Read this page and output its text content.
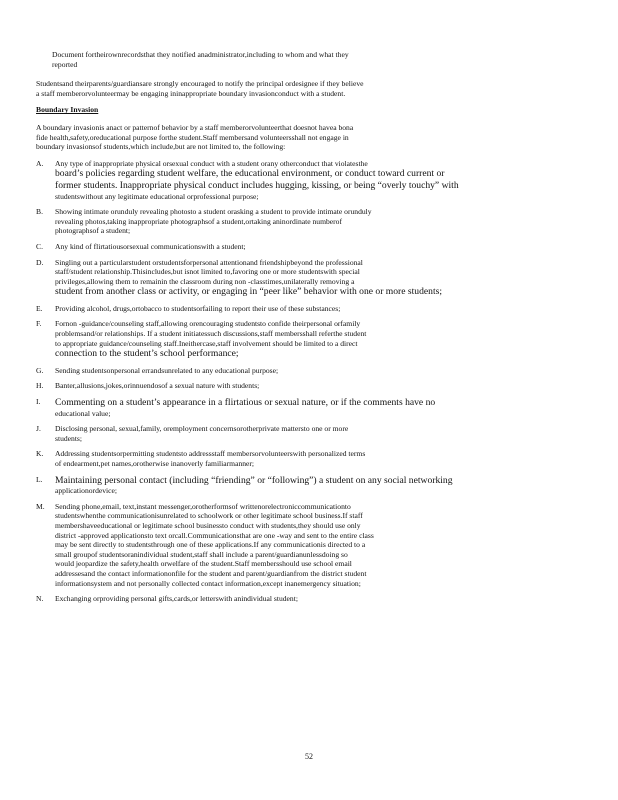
Document fortheirownrecordsthat they notified anadministrator,including to whom and what they
reported
Studentsand theirparents/guardiansare strongly encouraged to notify the principal ordesignee if they believe
a staff memberorvolunteermay be engaging ininappropriate boundary invasionconduct with a student.
Boundary Invasion
A boundary invasionis anact or patternof behavior by a staff memberorvolunteerthat doesnot havea bona
fide health,safety,oreducational purpose forthe student.Staff membersand volunteersshall not engage in
boundary invasionsof students,which include,but are not limited to, the following:
A.	Any type of inappropriate physical orsexual conduct with a student orany otherconduct that violatesthe
board’s policies regarding student welfare, the educational environment, or conduct toward current or
former students. Inappropriate physical conduct includes hugging, kissing, or being “overly touchy” with
studentswithout any legitimate educational orprofessional purpose;
B.	Showing intimate orunduly revealing photosto a student orasking a student to provide intimate orunduly
revealing photos,taking inappropriate photographsof a student,ortaking aninordinate numberof
photographsof a student;
C.	Any kind of flirtatiousorsexual communicationswith a student;
D.	Singling out a particularstudent orstudentsforpersonal attentionand friendshipbeyond the professional
staff/student relationship.Thisincludes,but isnot limited to,favoring one or more studentswith special
privileges,allowing them to remainin the classroom during non -classtimes,unilaterally removing a
student from another class or activity, or engaging in “peer like” behavior with one or more students;
E.	Providing alcohol, drugs,ortobacco to studentsorfailing to report their use of these substances;
F.	Fornon -guidance/counseling staff,allowing orencouraging studentsto confide theirpersonal orfamily
problemsand/or relationships. If a student initiatessuch discussions,staff membersshall referthe student
to appropriate guidance/counseling staff.Ineithercase,staff involvement should be limited to a direct
connection to the student’s school performance;
G.	Sending studentsonpersonal errandsunrelated to any educational purpose;
H.	Banter,allusions,jokes,orinnuendosof a sexual nature with students;
I.	Commenting on a student’s appearance in a flirtatious or sexual nature, or if the comments have no
educational value;
J.	Disclosing personal, sexual,family, oremployment concernsorotherprivate mattersto one or more
students;
K.	Addressing studentsorpermitting studentsto addressstaff membersorvolunteerswith personalized terms
of endearment,pet names,orotherwise inanoverly familiarmanner;
L.	Maintaining personal contact (including “friending” or “following”) a student on any social networking
applicationordevice;
M.	Sending phone,email, text,instant messenger,orotherformsof writtenorelectroniccommunicationto
studentswhenthe communicationisunrelated to schoolwork or other legitimate school business.If staff
membershaveeducational or legitimate school businessto conduct with students,they should use only
district -approved applicationsto text orcall.Communicationsthat are one -way and sent to the entire class
may be sent directly to studentsthrough one of these applications.If any communicationis directed to a
small groupof studentsoranindividual student,staff shall include a parent/guardianunlessdoing so
would jeopardize the safety,health orwelfare of the student.Staff membersshould use school email
addressesand the contact informationonfile for the student and parent/guardianfrom the district student
informationsystem and not personally collected contact information,except inanemergency situation;
N.	Exchanging orproviding personal gifts,cards,or letterswith anindividual student;
52
